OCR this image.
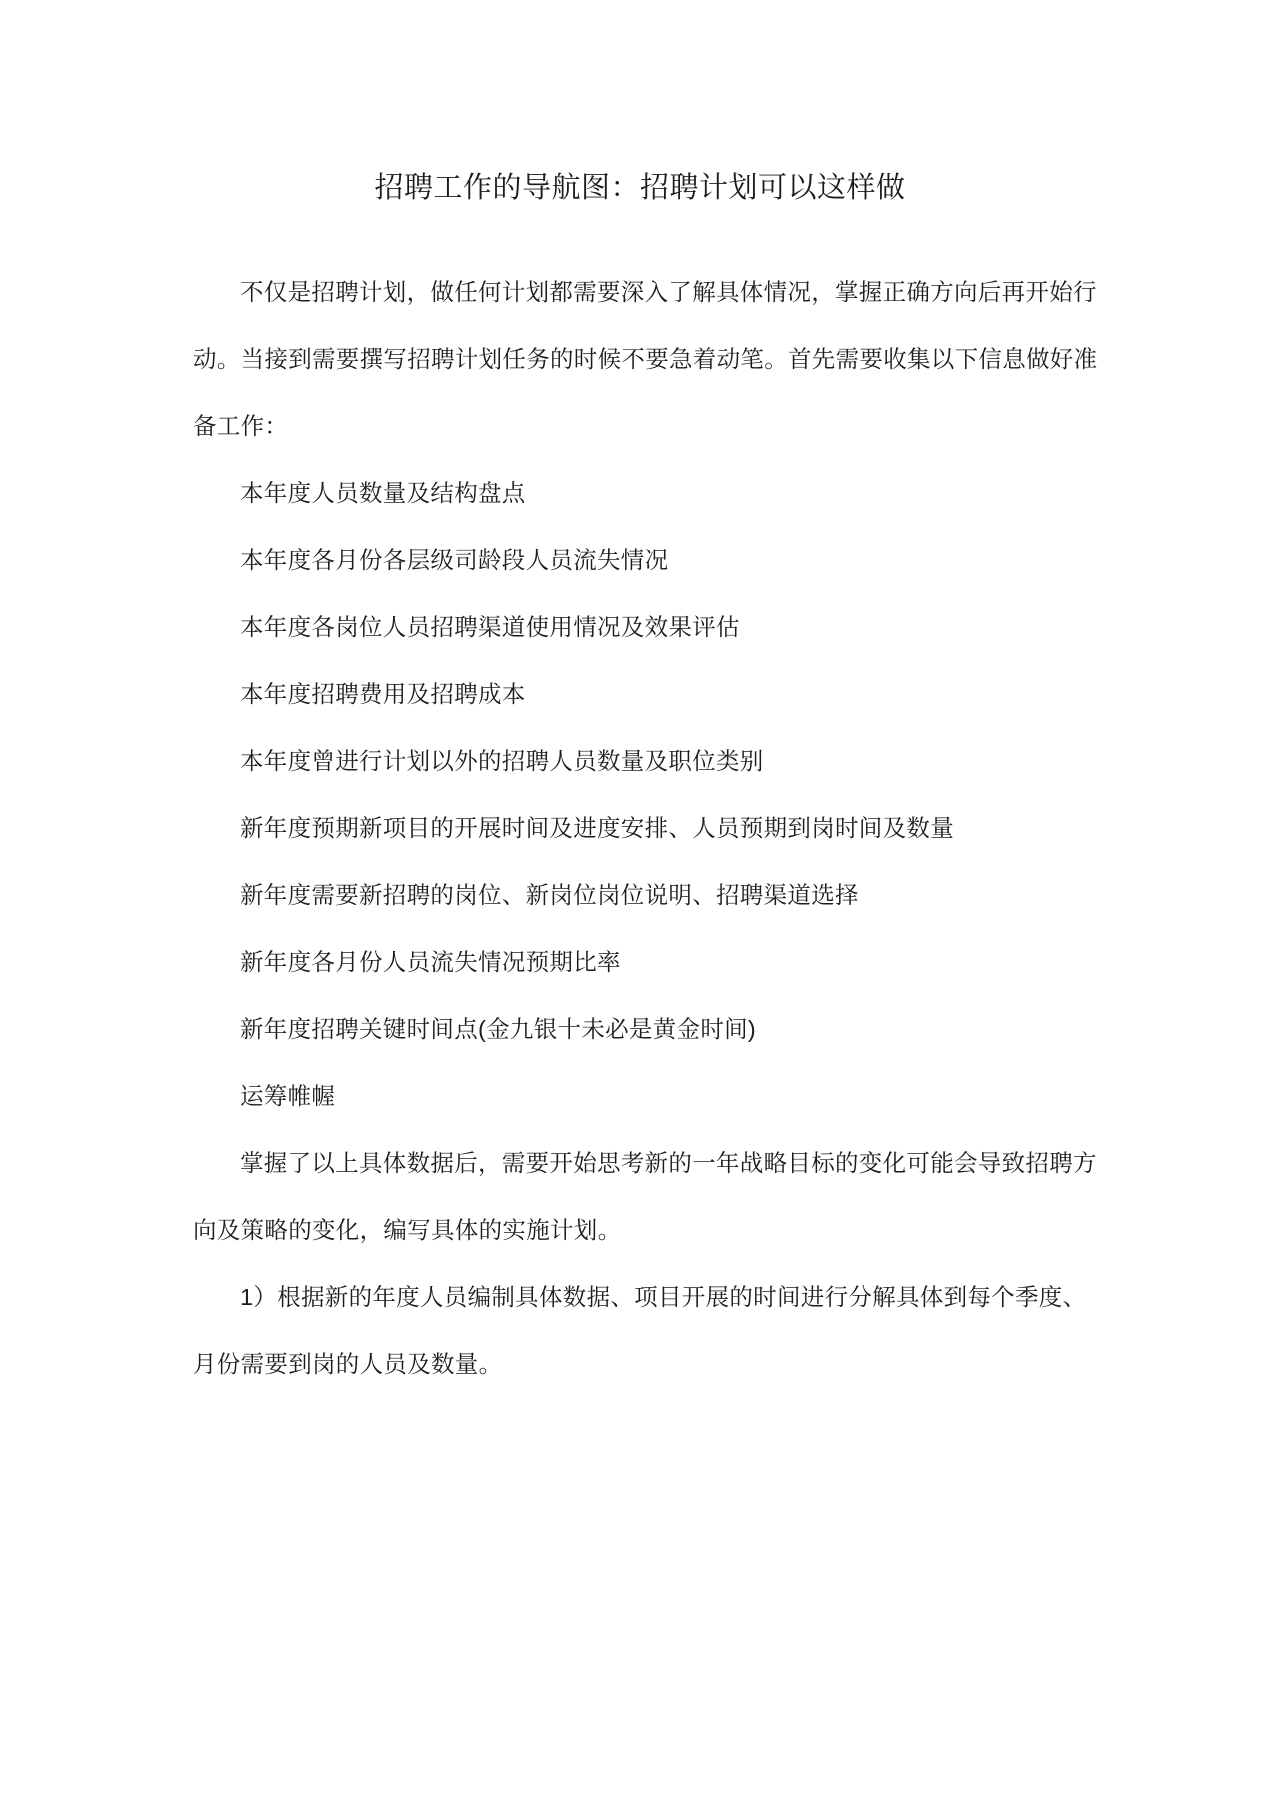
招聘工作的导航图：招聘计划可以这样做
不仅是招聘计划，做任何计划都需要深入了解具体情况，掌握正确方向后再开始行
动。当接到需要撰写招聘计划任务的时候不要急着动笔。首先需要收集以下信息做好准
备工作：
本年度人员数量及结构盘点
本年度各月份各层级司龄段人员流失情况
本年度各岗位人员招聘渠道使用情况及效果评估
本年度招聘费用及招聘成本
本年度曾进行计划以外的招聘人员数量及职位类别
新年度预期新项目的开展时间及进度安排、人员预期到岗时间及数量
新年度需要新招聘的岗位、新岗位岗位说明、招聘渠道选择
新年度各月份人员流失情况预期比率
新年度招聘关键时间点(金九银十未必是黄金时间)
运筹帷幄
掌握了以上具体数据后，需要开始思考新的一年战略目标的变化可能会导致招聘方
向及策略的变化，编写具体的实施计划。
1）根据新的年度人员编制具体数据、项目开展的时间进行分解具体到每个季度、
月份需要到岗的人员及数量。
